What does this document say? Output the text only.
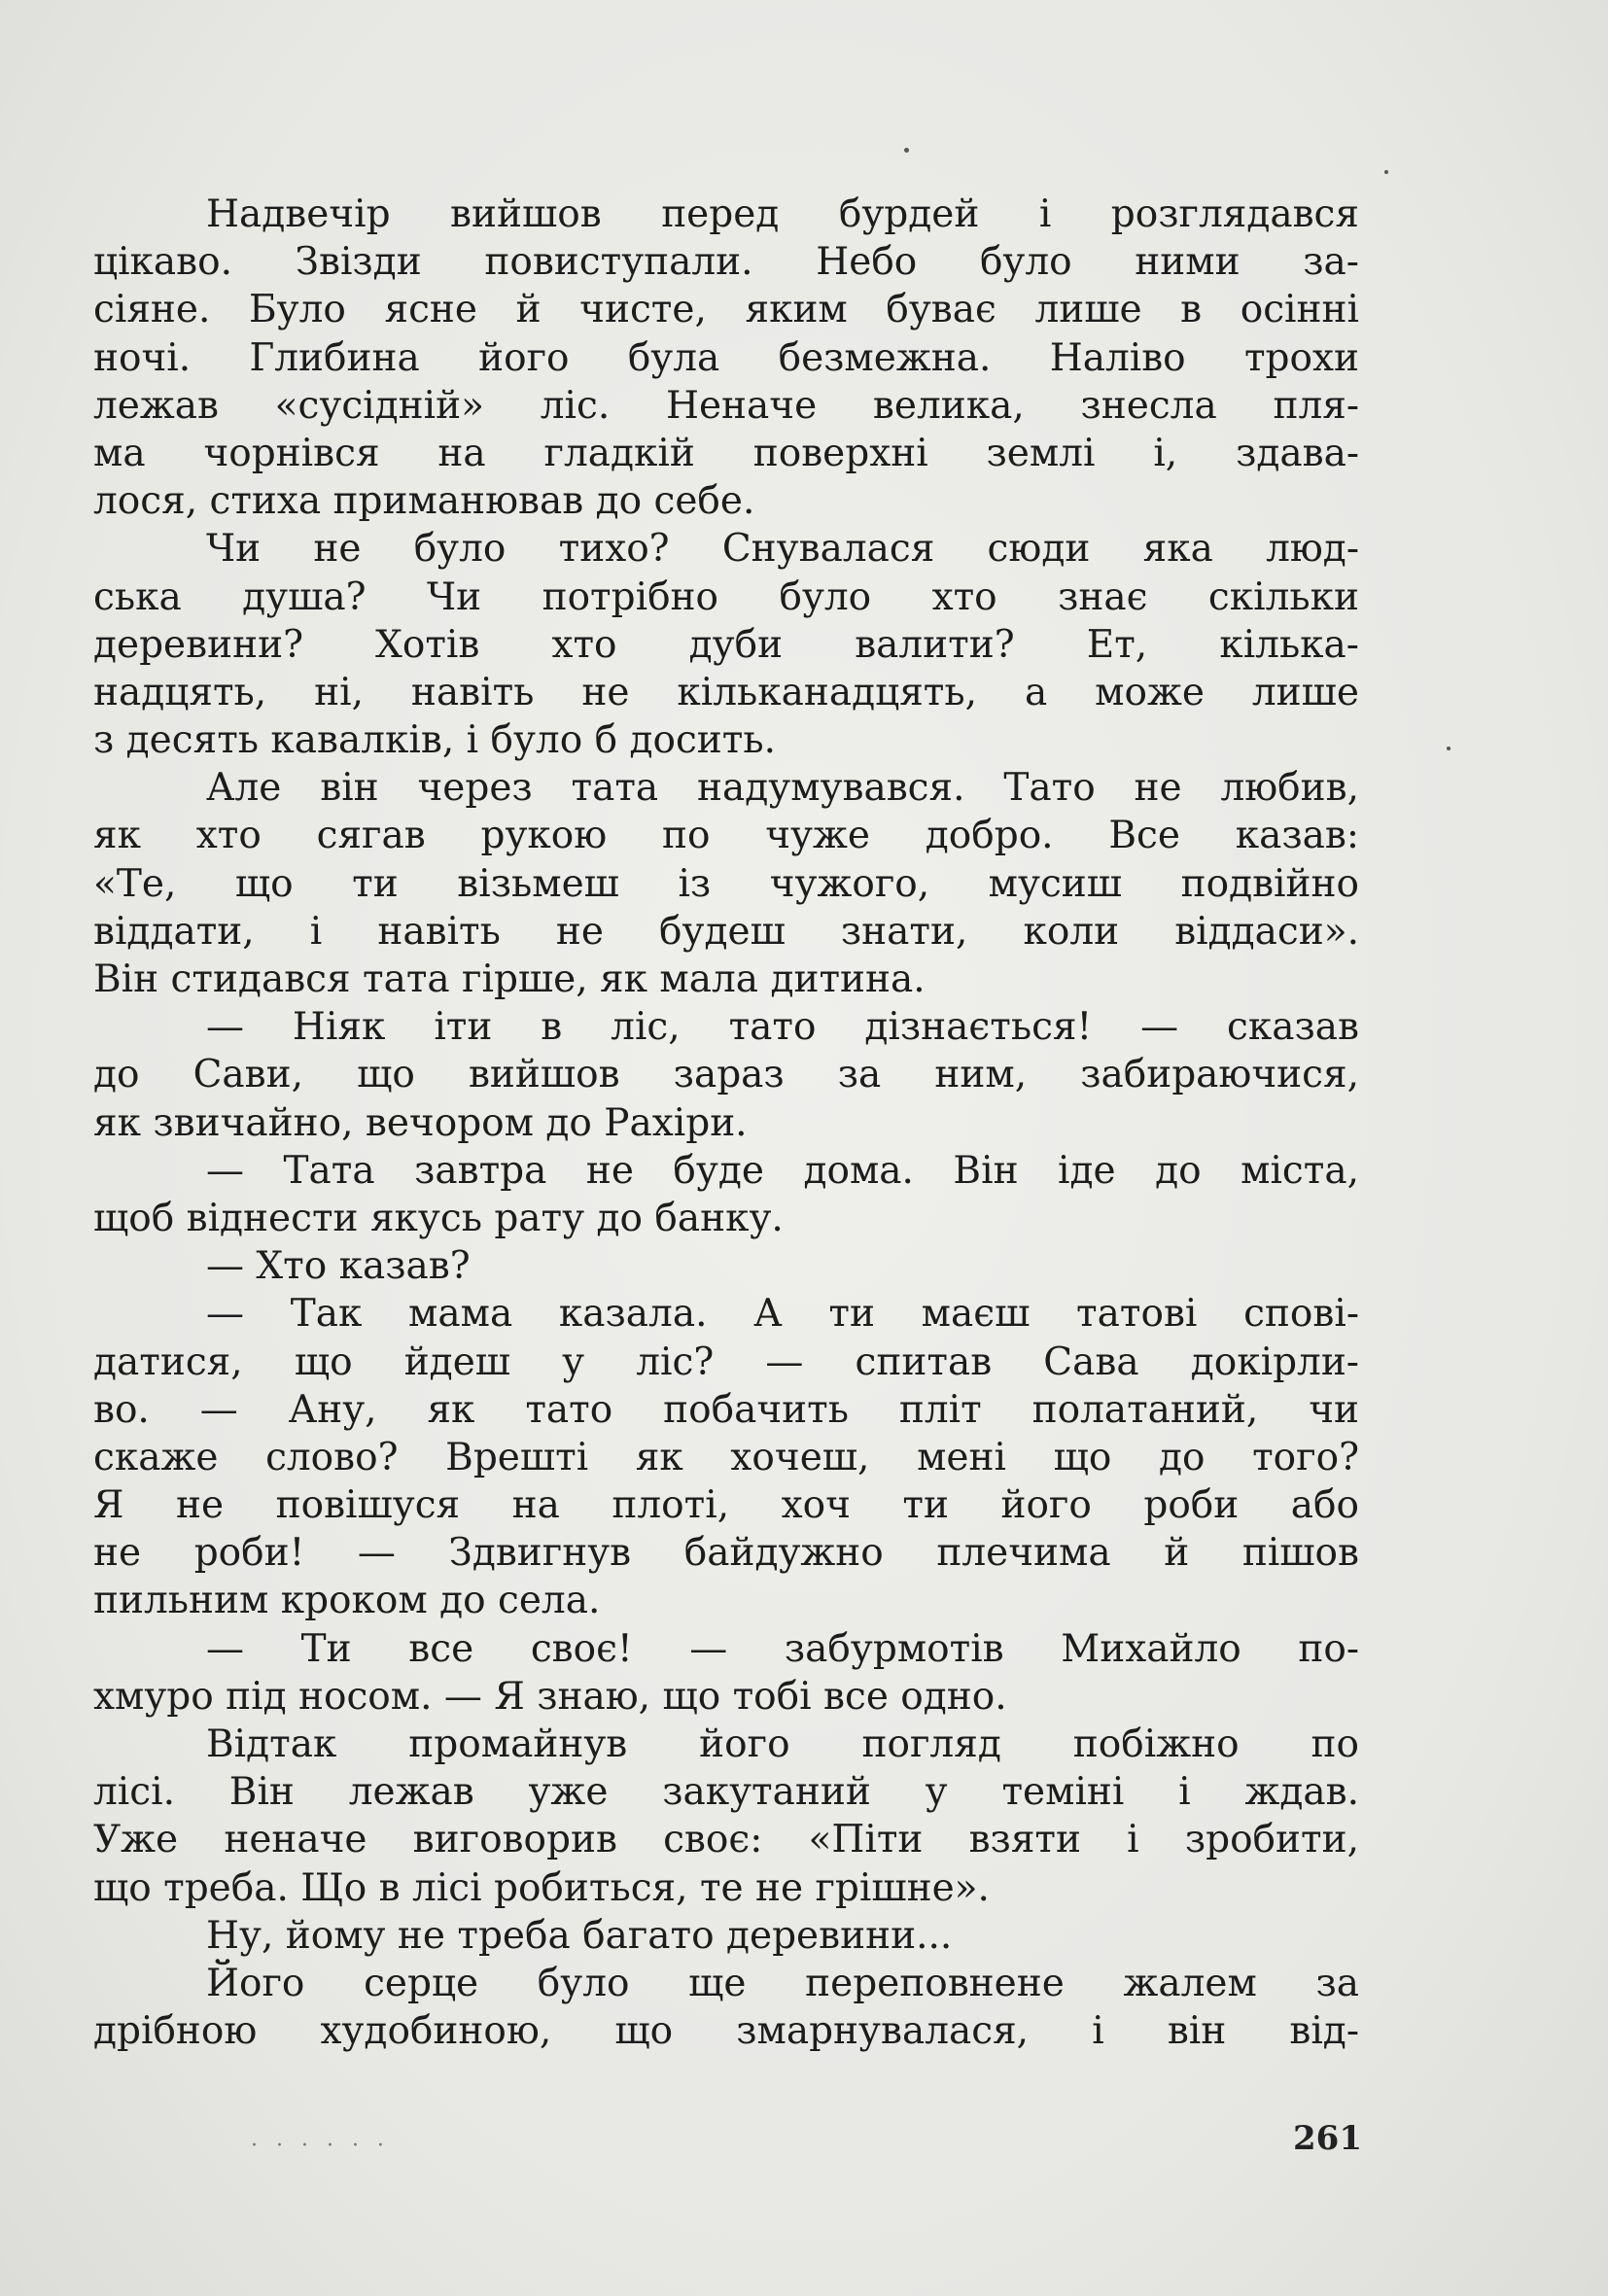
Надвечір вийшов перед бурдей і розглядався
цікаво. Звізди повиступали. Небо було ними за-
сіяне. Було ясне й чисте, яким буває лише в осінні
ночі. Глибина його була безмежна. Наліво трохи
лежав «сусідній» ліс. Неначе велика, знесла пля-
ма чорнівся на гладкій поверхні землі і, здава-
лося, стиха приманював до себе.
Чи не було тихо? Снувалася сюди яка люд-
ська душа? Чи потрібно було хто знає скільки
деревини? Хотів хто дуби валити? Ет, кілька-
надцять, ні, навіть не кільканадцять, а може лише
з десять кавалків, і було б досить.
Але він через тата надумувався. Тато не любив,
як хто сягав рукою по чуже добро. Все казав:
«Те, що ти візьмеш із чужого, мусиш подвійно
віддати, і навіть не будеш знати, коли віддаси».
Він стидався тата гірше, як мала дитина.
— Ніяк іти в ліс, тато дізнається! — сказав
до Сави, що вийшов зараз за ним, забираючися,
як звичайно, вечором до Рахіри.
— Тата завтра не буде дома. Він іде до міста,
щоб віднести якусь рату до банку.
— Хто казав?
— Так мама казала. А ти маєш татові спові-
датися, що йдеш у ліс? — спитав Сава докірли-
во. — Ану, як тато побачить пліт полатаний, чи
скаже слово? Врешті як хочеш, мені що до того?
Я не повішуся на плоті, хоч ти його роби або
не роби! — Здвигнув байдужно плечима й пішов
пильним кроком до села.
— Ти все своє! — забурмотів Михайло по-
хмуро під носом. — Я знаю, що тобі все одно.
Відтак промайнув його погляд побіжно по
лісі. Він лежав уже закутаний у теміні і ждав.
Уже неначе виговорив своє: «Піти взяти і зробити,
що треба. Що в лісі робиться, те не грішне».
Ну, йому не треба багато деревини...
Його серце було ще переповнене жалем за
дрібною худобиною, що змарнувалася, і він від-
· · · · · ·	261
